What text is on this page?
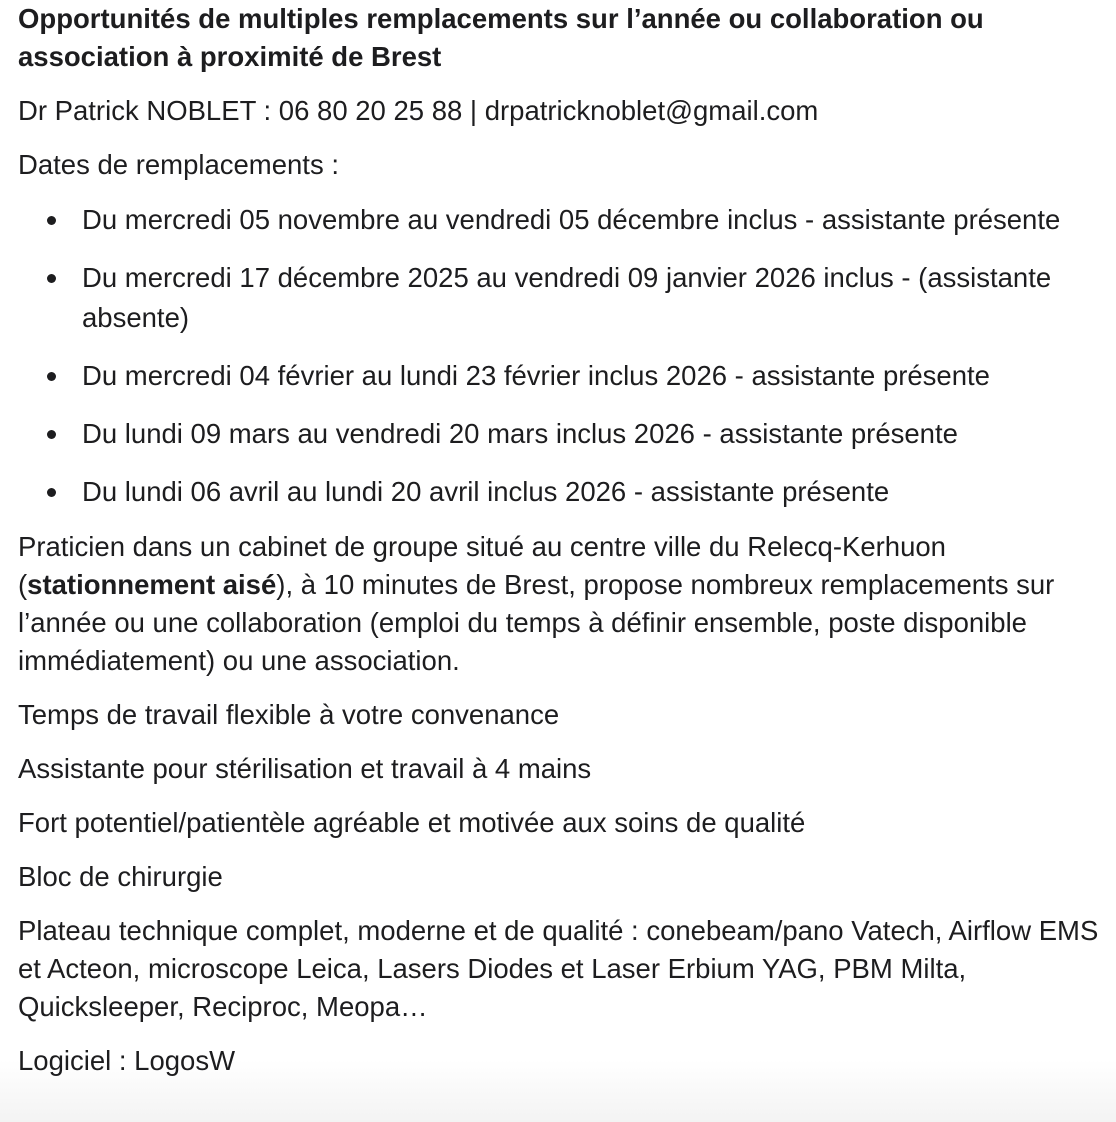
Opportunités de multiples remplacements sur l’année ou collaboration ou association à proximité de Brest

Dr Patrick NOBLET : 06 80 20 25 88 | drpatricknoblet@gmail.com

Dates de remplacements :

Du mercredi 05 novembre au vendredi 05 décembre inclus - assistante présente
Du mercredi 17 décembre 2025 au vendredi 09 janvier 2026 inclus - (assistante absente)
Du mercredi 04 février au lundi 23 février inclus 2026 - assistante présente
Du lundi 09 mars au vendredi 20 mars inclus 2026 - assistante présente
Du lundi 06 avril au lundi 20 avril inclus 2026 - assistante présente

Praticien dans un cabinet de groupe situé au centre ville du Relecq-Kerhuon (stationnement aisé), à 10 minutes de Brest, propose nombreux remplacements sur l’année ou une collaboration (emploi du temps à définir ensemble, poste disponible immédiatement) ou une association.

Temps de travail flexible à votre convenance

Assistante pour stérilisation et travail à 4 mains

Fort potentiel/patientèle agréable et motivée aux soins de qualité

Bloc de chirurgie

Plateau technique complet, moderne et de qualité : conebeam/pano Vatech, Airflow EMS et Acteon, microscope Leica, Lasers Diodes et Laser Erbium YAG, PBM Milta, Quicksleeper, Reciproc, Meopa…

Logiciel : LogosW
